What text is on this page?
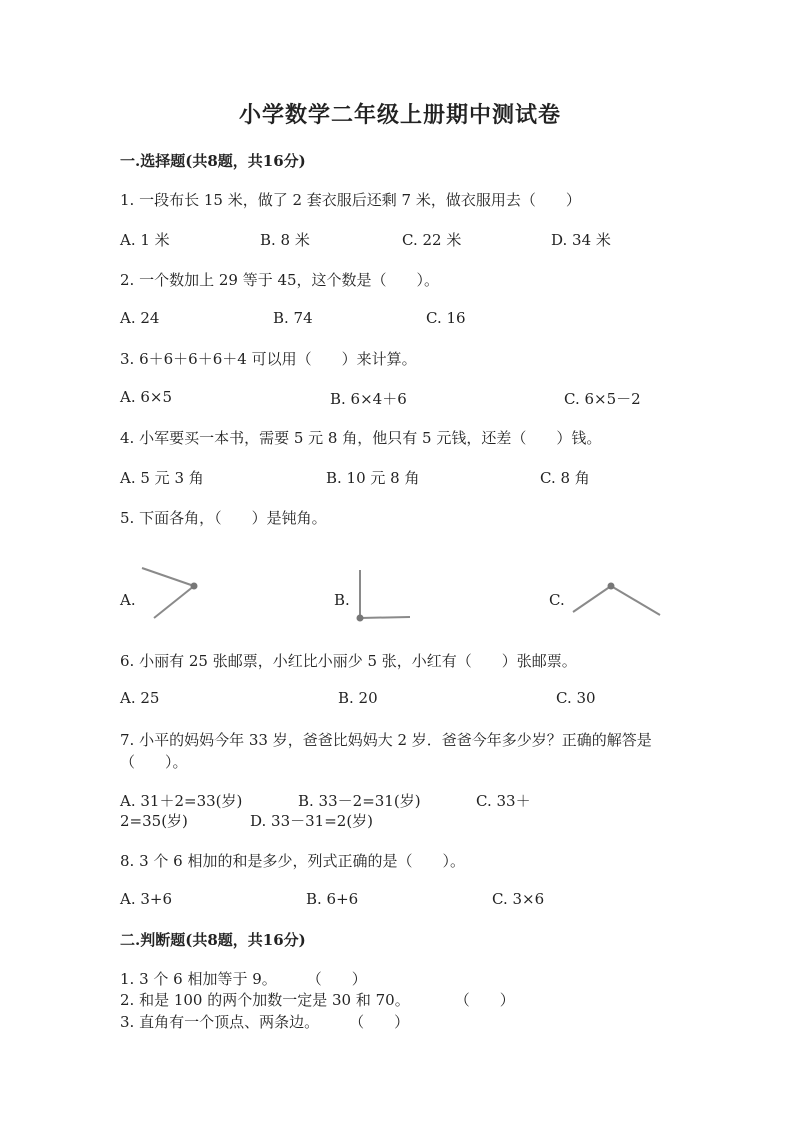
小学数学二年级上册期中测试卷
一.选择题(共8题，共16分)
1. 一段布长 15 米，做了 2 套衣服后还剩 7 米，做衣服用去（　　）
A. 1 米	B. 8 米	C. 22 米	D. 34 米
2. 一个数加上 29 等于 45，这个数是（　　）。
A. 24	B. 74	C. 16
3. 6＋6＋6＋6＋4 可以用（　　）来计算。
A. 6×5	B. 6×4＋6	C. 6×5－2
4. 小军要买一本书，需要 5 元 8 角，他只有 5 元钱，还差（　　）钱。
A. 5 元 3 角	B. 10 元 8 角	C. 8 角
5. 下面各角，（　　）是钝角。
A.	B.	C.
6. 小丽有 25 张邮票，小红比小丽少 5 张，小红有（　　）张邮票。
A. 25	B. 20	C. 30
7. 小平的妈妈今年 33 岁，爸爸比妈妈大 2 岁．爸爸今年多少岁？正确的解答是
（　　）。
A. 31＋2=33(岁)	B. 33－2=31(岁)	C. 33＋
2=35(岁)	D. 33－31=2(岁)
8. 3 个 6 相加的和是多少，列式正确的是（　　）。
A. 3+6	B. 6+6	C. 3×6
二.判断题(共8题，共16分)
1. 3 个 6 相加等于 9。　　　（　　）
2. 和是 100 的两个加数一定是 30 和 70。　　　　（　　）
3. 直角有一个顶点、两条边。　　　（　　）
